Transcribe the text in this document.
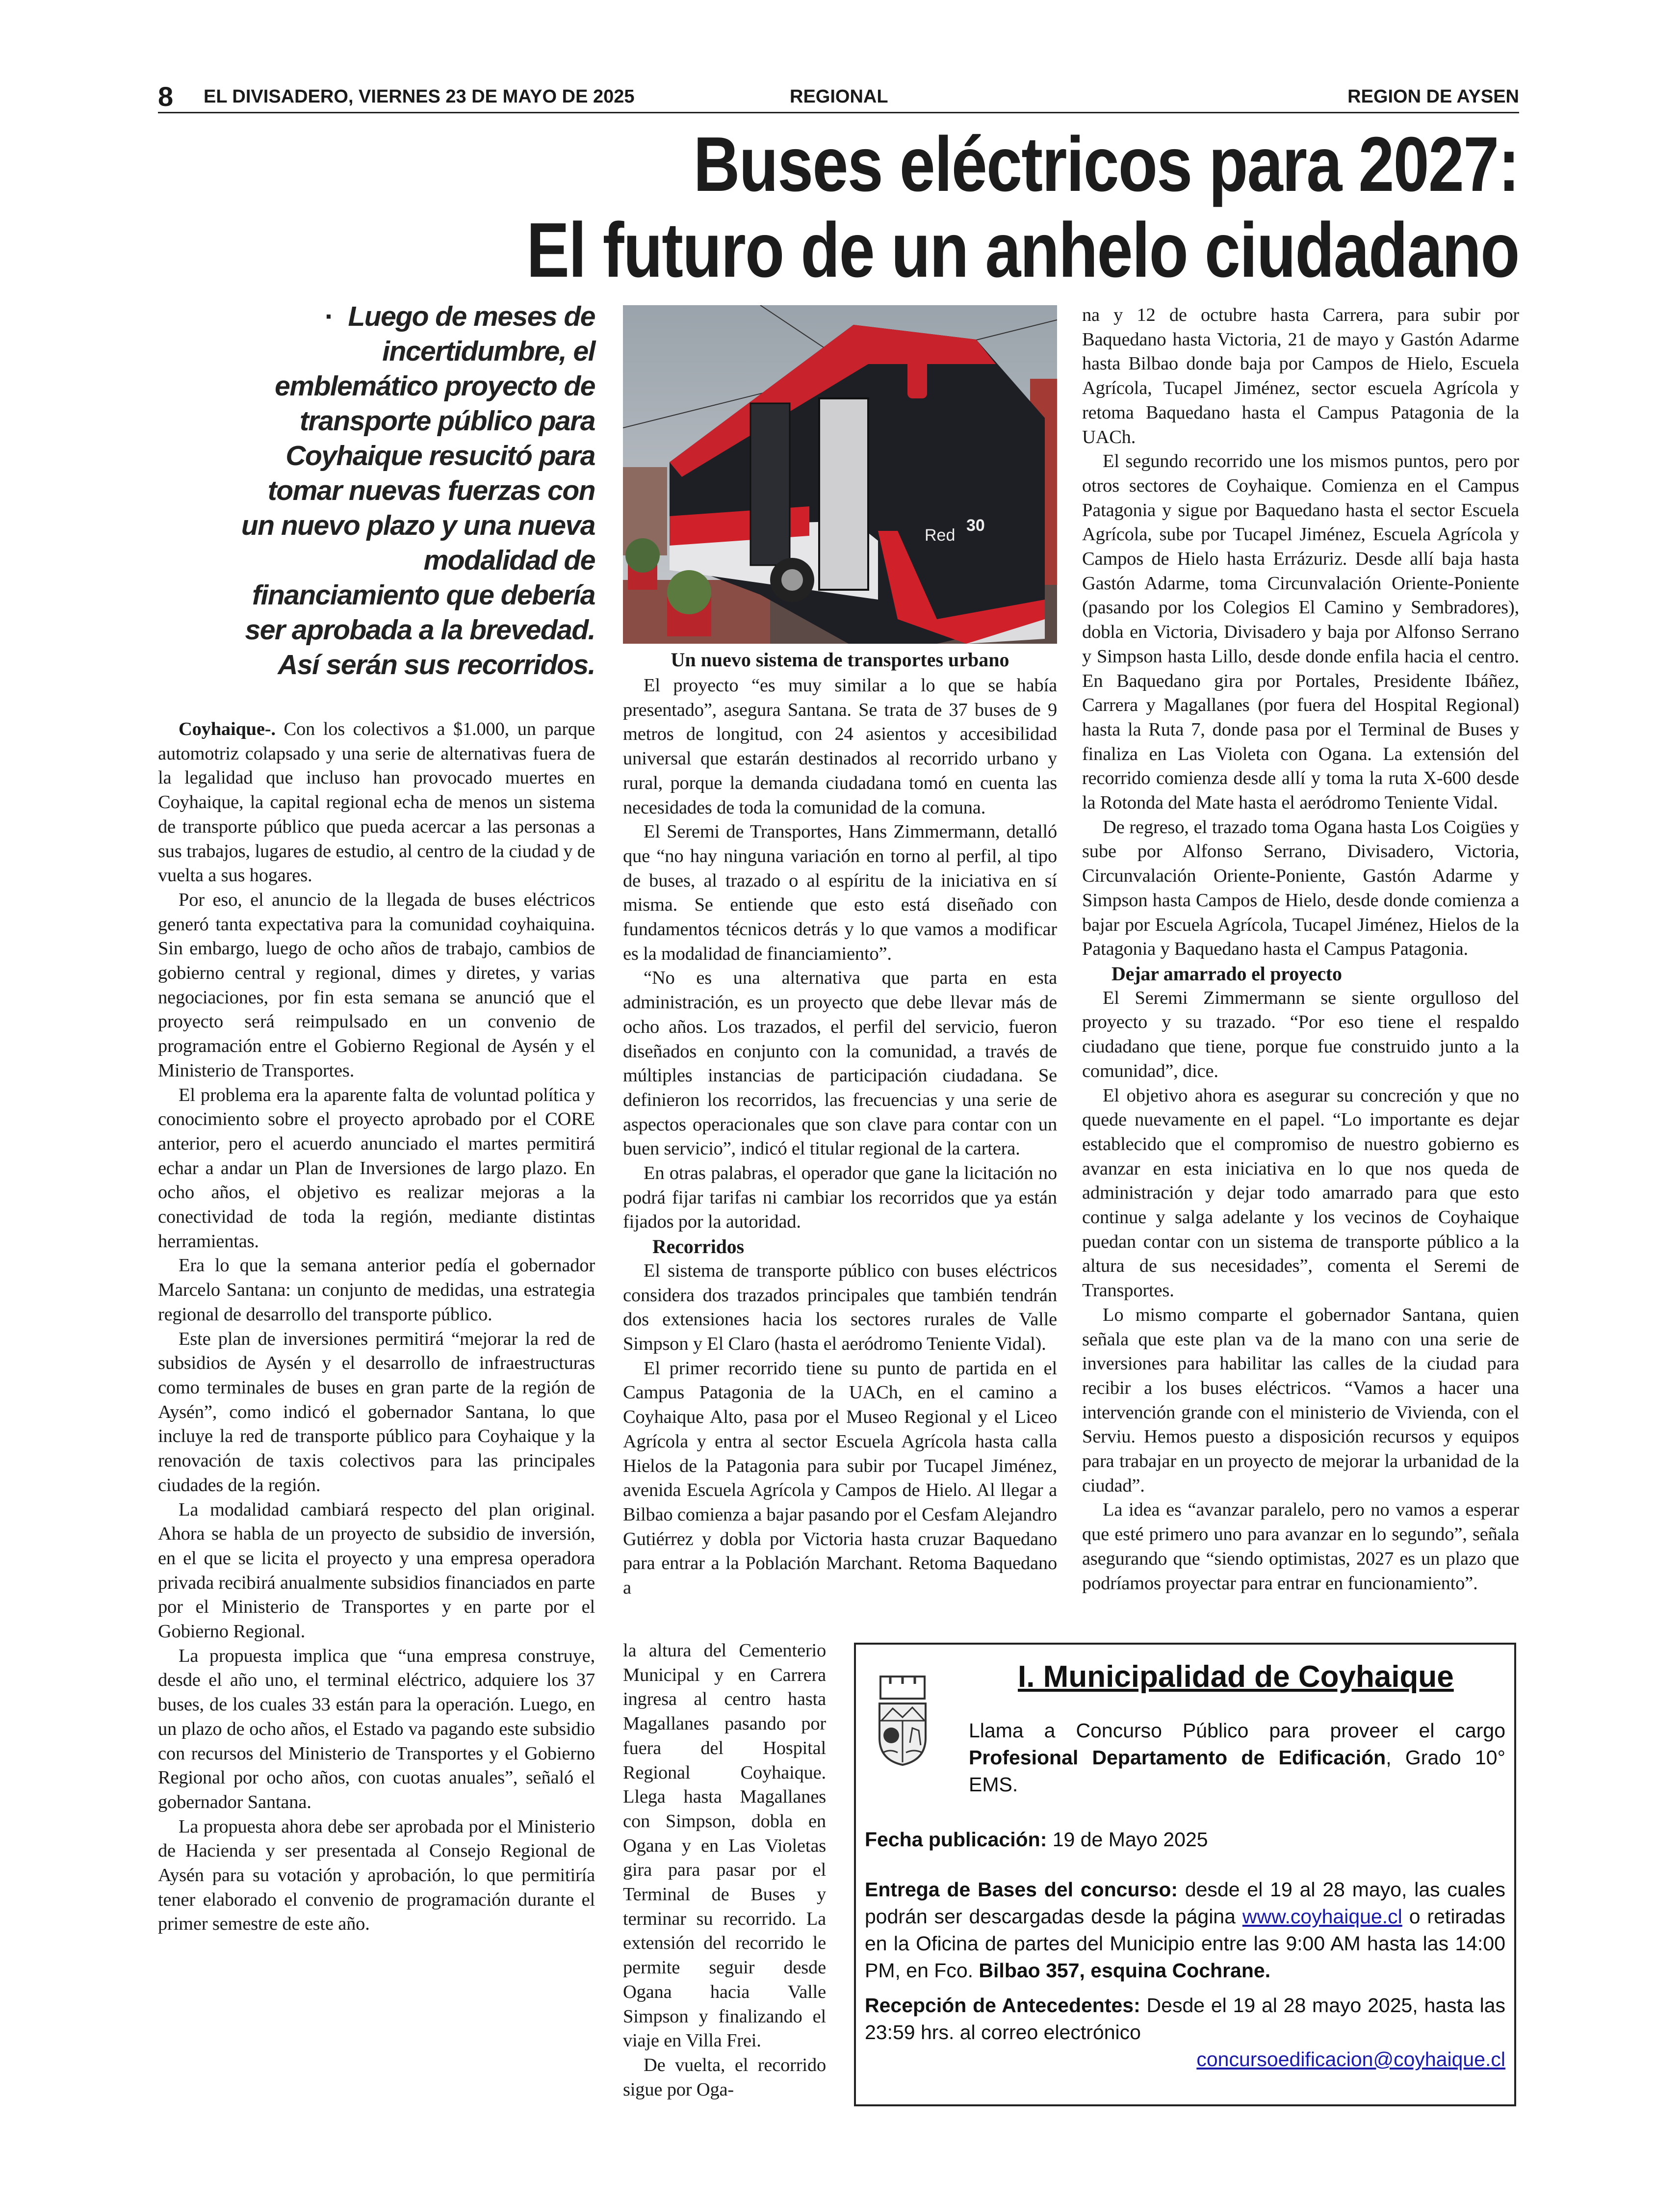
8 EL DIVISADERO, VIERNES 23 DE MAYO DE 2025	REGIONAL	REGION DE AYSEN
Buses eléctricos para 2027:
El futuro de un anhelo ciudadano
· Luego de meses de incertidumbre, el emblemático proyecto de transporte público para Coyhaique resucitó para tomar nuevas fuerzas con un nuevo plazo y una nueva modalidad de financiamiento que debería ser aprobada a la brevedad. Así serán sus recorridos.

Coyhaique-. Con los colectivos a $1.000, un parque automotriz colapsado y una serie de alternativas fuera de la legalidad que incluso han provocado muertes en Coyhaique, la capital regional echa de menos un sistema de transporte público que pueda acercar a las personas a sus trabajos, lugares de estudio, al centro de la ciudad y de vuelta a sus hogares.

Por eso, el anuncio de la llegada de buses eléctricos generó tanta expectativa para la comunidad coyhaiquina. Sin embargo, luego de ocho años de trabajo, cambios de gobierno central y regional, dimes y diretes, y varias negociaciones, por fin esta semana se anunció que el proyecto será reimpulsado en un convenio de programación entre el Gobierno Regional de Aysén y el Ministerio de Transportes.

El problema era la aparente falta de voluntad política y conocimiento sobre el proyecto aprobado por el CORE anterior, pero el acuerdo anunciado el martes permitirá echar a andar un Plan de Inversiones de largo plazo. En ocho años, el objetivo es realizar mejoras a la conectividad de toda la región, mediante distintas herramientas.

Era lo que la semana anterior pedía el gobernador Marcelo Santana: un conjunto de medidas, una estrategia regional de desarrollo del transporte público.

Este plan de inversiones permitirá “mejorar la red de subsidios de Aysén y el desarrollo de infraestructuras como terminales de buses en gran parte de la región de Aysén”, como indicó el gobernador Santana, lo que incluye la red de transporte público para Coyhaique y la renovación de taxis colectivos para las principales ciudades de la región.

La modalidad cambiará respecto del plan original. Ahora se habla de un proyecto de subsidio de inversión, en el que se licita el proyecto y una empresa operadora privada recibirá anualmente subsidios financiados en parte por el Ministerio de Transportes y en parte por el Gobierno Regional.

La propuesta implica que “una empresa construye, desde el año uno, el terminal eléctrico, adquiere los 37 buses, de los cuales 33 están para la operación. Luego, en un plazo de ocho años, el Estado va pagando este subsidio con recursos del Ministerio de Transportes y el Gobierno Regional por ocho años, con cuotas anuales”, señaló el gobernador Santana.

La propuesta ahora debe ser aprobada por el Ministerio de Hacienda y ser presentada al Consejo Regional de Aysén para su votación y aprobación, lo que permitiría tener elaborado el convenio de programación durante el primer semestre de este año.

Red
30
Un nuevo sistema de transportes urbano

El proyecto “es muy similar a lo que se había presentado”, asegura Santana. Se trata de 37 buses de 9 metros de longitud, con 24 asientos y accesibilidad universal que estarán destinados al recorrido urbano y rural, porque la demanda ciudadana tomó en cuenta las necesidades de toda la comunidad de la comuna.

El Seremi de Transportes, Hans Zimmermann, detalló que “no hay ninguna variación en torno al perfil, al tipo de buses, al trazado o al espíritu de la iniciativa en sí misma. Se entiende que esto está diseñado con fundamentos técnicos detrás y lo que vamos a modificar es la modalidad de financiamiento”.

“No es una alternativa que parta en esta administración, es un proyecto que debe llevar más de ocho años. Los trazados, el perfil del servicio, fueron diseñados en conjunto con la comunidad, a través de múltiples instancias de participación ciudadana. Se definieron los recorridos, las frecuencias y una serie de aspectos operacionales que son clave para contar con un buen servicio”, indicó el titular regional de la cartera.

En otras palabras, el operador que gane la licitación no podrá fijar tarifas ni cambiar los recorridos que ya están fijados por la autoridad.

Recorridos

El sistema de transporte público con buses eléctricos considera dos trazados principales que también tendrán dos extensiones hacia los sectores rurales de Valle Simpson y El Claro (hasta el aeródromo Teniente Vidal).

El primer recorrido tiene su punto de partida en el Campus Patagonia de la UACh, en el camino a Coyhaique Alto, pasa por el Museo Regional y el Liceo Agrícola y entra al sector Escuela Agrícola hasta calla Hielos de la Patagonia para subir por Tucapel Jiménez, avenida Escuela Agrícola y Campos de Hielo. Al llegar a Bilbao comienza a bajar pasando por el Cesfam Alejandro Gutiérrez y dobla por Victoria hasta cruzar Baquedano para entrar a la Población Marchant. Retoma Baquedano a

la altura del Cementerio Municipal y en Carrera ingresa al centro hasta Magallanes pasando por fuera del Hospital Regional Coyhaique. Llega hasta Magallanes con Simpson, dobla en Ogana y en Las Violetas gira para pasar por el Terminal de Buses y terminar su recorrido. La extensión del recorrido le permite seguir desde Ogana hacia Valle Simpson y finalizando el viaje en Villa Frei.

De vuelta, el recorrido sigue por Oga-

na y 12 de octubre hasta Carrera, para subir por Baquedano hasta Victoria, 21 de mayo y Gastón Adarme hasta Bilbao donde baja por Campos de Hielo, Escuela Agrícola, Tucapel Jiménez, sector escuela Agrícola y retoma Baquedano hasta el Campus Patagonia de la UACh.

El segundo recorrido une los mismos puntos, pero por otros sectores de Coyhaique. Comienza en el Campus Patagonia y sigue por Baquedano hasta el sector Escuela Agrícola, sube por Tucapel Jiménez, Escuela Agrícola y Campos de Hielo hasta Errázuriz. Desde allí baja hasta Gastón Adarme, toma Circunvalación Oriente-Poniente (pasando por los Colegios El Camino y Sembradores), dobla en Victoria, Divisadero y baja por Alfonso Serrano y Simpson hasta Lillo, desde donde enfila hacia el centro. En Baquedano gira por Portales, Presidente Ibáñez, Carrera y Magallanes (por fuera del Hospital Regional) hasta la Ruta 7, donde pasa por el Terminal de Buses y finaliza en Las Violeta con Ogana. La extensión del recorrido comienza desde allí y toma la ruta X-600 desde la Rotonda del Mate hasta el aeródromo Teniente Vidal.

De regreso, el trazado toma Ogana hasta Los Coigües y sube por Alfonso Serrano, Divisadero, Victoria, Circunvalación Oriente-Poniente, Gastón Adarme y Simpson hasta Campos de Hielo, desde donde comienza a bajar por Escuela Agrícola, Tucapel Jiménez, Hielos de la Patagonia y Baquedano hasta el Campus Patagonia.

Dejar amarrado el proyecto

El Seremi Zimmermann se siente orgulloso del proyecto y su trazado. “Por eso tiene el respaldo ciudadano que tiene, porque fue construido junto a la comunidad”, dice.

El objetivo ahora es asegurar su concreción y que no quede nuevamente en el papel. “Lo importante es dejar establecido que el compromiso de nuestro gobierno es avanzar en esta iniciativa en lo que nos queda de administración y dejar todo amarrado para que esto continue y salga adelante y los vecinos de Coyhaique puedan contar con un sistema de transporte público a la altura de sus necesidades”, comenta el Seremi de Transportes.

Lo mismo comparte el gobernador Santana, quien señala que este plan va de la mano con una serie de inversiones para habilitar las calles de la ciudad para recibir a los buses eléctricos. “Vamos a hacer una intervención grande con el ministerio de Vivienda, con el Serviu. Hemos puesto a disposición recursos y equipos para trabajar en un proyecto de mejorar la urbanidad de la ciudad”.

La idea es “avanzar paralelo, pero no vamos a esperar que esté primero uno para avanzar en lo segundo”, señala asegurando que “siendo optimistas, 2027 es un plazo que podríamos proyectar para entrar en funcionamiento”.

I. Municipalidad de Coyhaique
Llama a Concurso Público para proveer el cargo Profesional Departamento de Edificación, Grado 10° EMS.
Fecha publicación: 19 de Mayo 2025
Entrega de Bases del concurso: desde el 19 al 28 mayo, las cuales podrán ser descargadas desde la página www.coyhaique.cl o retiradas en la Oficina de partes del Municipio entre las 9:00 AM hasta las 14:00 PM, en Fco. Bilbao 357, esquina Cochrane.
Recepción de Antecedentes: Desde el 19 al 28 mayo 2025, hasta las 23:59 hrs. al correo electrónico
concursoedificacion@coyhaique.cl
